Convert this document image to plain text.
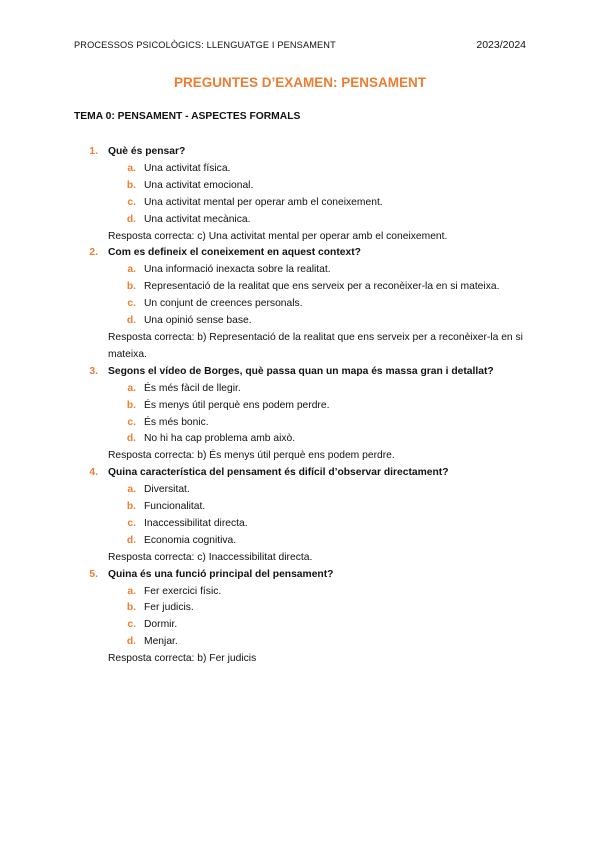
PROCESSOS PSICOLÒGICS: LLENGUATGE I PENSAMENT	2023/2024
PREGUNTES D’EXAMEN: PENSAMENT
TEMA 0: PENSAMENT - ASPECTES FORMALS
1. Què és pensar?
a. Una activitat física.
b. Una activitat emocional.
c. Una activitat mental per operar amb el coneixement.
d. Una activitat mecànica.
Resposta correcta: c) Una activitat mental per operar amb el coneixement.
2. Com es defineix el coneixement en aquest context?
a. Una informació inexacta sobre la realitat.
b. Representació de la realitat que ens serveix per a reconèixer-la en si mateixa.
c. Un conjunt de creences personals.
d. Una opinió sense base.
Resposta correcta: b) Representació de la realitat que ens serveix per a reconèixer-la en si mateixa.
3. Segons el vídeo de Borges, què passa quan un mapa és massa gran i detallat?
a. És més fàcil de llegir.
b. És menys útil perquè ens podem perdre.
c. És més bonic.
d. No hi ha cap problema amb això.
Resposta correcta: b) És menys útil perquè ens podem perdre.
4. Quina característica del pensament és difícil d’observar directament?
a. Diversitat.
b. Funcionalitat.
c. Inaccessibilitat directa.
d. Economia cognitiva.
Resposta correcta: c) Inaccessibilitat directa.
5. Quina és una funció principal del pensament?
a. Fer exercici físic.
b. Fer judicis.
c. Dormir.
d. Menjar.
Resposta correcta: b) Fer judicis
